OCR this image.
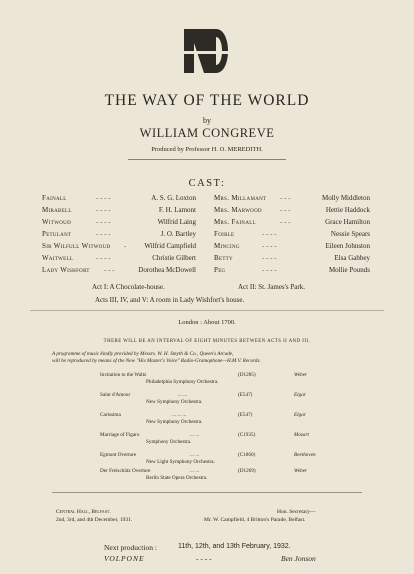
THE WAY OF THE WORLD
by
WILLIAM CONGREVE
Produced by Professor H. O. MEREDITH.
CAST:
Fainall	- - - -	A. S. G. Loxton
Mirabell	- - - -	F. H. Lamont
Witwoud	- - - -	Wilfrid Laing
Petulant	- - - -	J. O. Bartley
Sir Wilfull Witwoud -	Wilfrid Campfield
Waitwell	- - - -	Christie Gilbert
Lady Wishfort - - -	Dorothea McDowell
Mrs. Millamant - - -	Molly Middleton
Mrs. Marwood	- - -	Hettie Haddock
Mrs. Fainall	- - -	Grace Hamilton
Foible	- - - -	Nessie Spears
Mincing	- - - -	Eileen Johnston
Betty	- - - -	Elsa Gabbey
Peg	- - - -	Mollie Pounds
Act I: A Chocolate-house.	Act II: St. James's Park.
Acts III, IV, and V: A room in Lady Wishfort's house.
London : About 1700.
THERE WILL BE AN INTERVAL OF EIGHT MINUTES BETWEEN ACTS II AND III.
A programme of music kindly provided by Messrs. W. H. Smyth & Co., Queen's Arcade,
will be reproduced by means of the New "His Master's Voice" Radio-Gramophone—H.M.V. Records.
Invitation to the Waltz	(D1285)	Weber
Philadelphia Symphony Orchestra.
Salut d'Amour	... ...	(E547)	Elgar
New Symphony Orchestra.
Carissima	... ... ...	(E547)	Elgar
New Symphony Orchestra.
Marriage of Figaro	... ...	(C1935)	Mozart
Symphony Orchestra.
Egmont Overture	... ...	(C1860)	Beethoven
New Light Symphony Orchestra.
Der Freischütz Overture	... ...	(D1269)	Weber
Berlin State Opera Orchestra.
Central Hall, Belfast.
2nd, 3rd, and 4th December, 1931.
Hon. Secretary—
Mr. W. Campfield, 4 Britton's Parade, Belfast.
Next production :	11th, 12th, and 13th February, 1932.
VOLPONE	- - - -	Ben Jonson
